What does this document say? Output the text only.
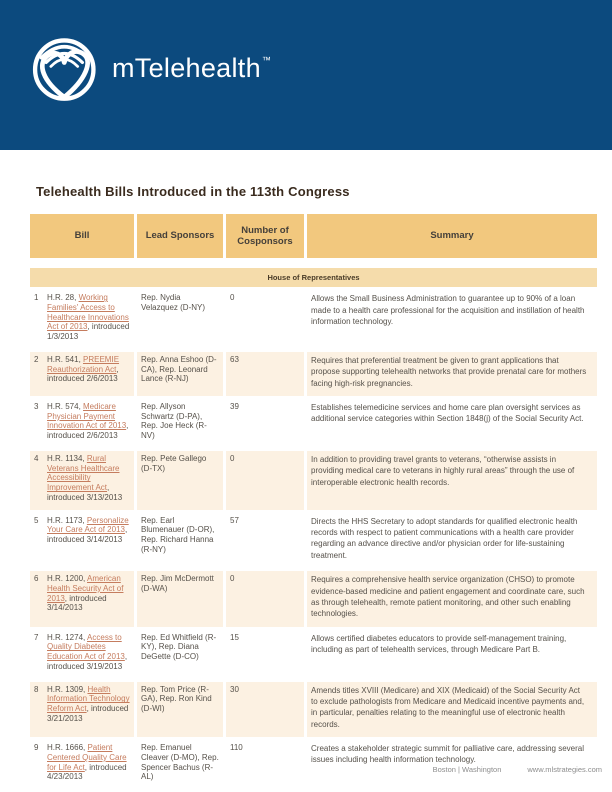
mTelehealth™
Telehealth Bills Introduced in the 113th Congress
Bill	Lead Sponsors	Number of Cosponsors	Summary

House of Representatives			

1 H.R. 28, Working Families' Access to Healthcare Innovations Act of 2013, introduced 1/3/2013	Rep. Nydia Velazquez (D-NY)	0	Allows the Small Business Administration to guarantee up to 90% of a loan made to a health care professional for the acquisition and instillation of health information technology.

2 H.R. 541, PREEMIE Reauthorization Act, introduced 2/6/2013	Rep. Anna Eshoo (D-CA), Rep. Leonard Lance (R-NJ)	63	Requires that preferential treatment be given to grant applications that propose supporting telehealth networks that provide prenatal care for mothers facing high-risk pregnancies.

3 H.R. 574, Medicare Physician Payment Innovation Act of 2013, introduced 2/6/2013	Rep. Allyson Schwartz (D-PA), Rep. Joe Heck (R-NV)	39	Establishes telemedicine services and home care plan oversight services as additional service categories within Section 1848(j) of the Social Security Act.

4 H.R. 1134, Rural Veterans Healthcare Accessibility Improvement Act, introduced 3/13/2013	Rep. Pete Gallego (D-TX)	0	In addition to providing travel grants to veterans, “otherwise assists in providing medical care to veterans in highly rural areas” through the use of interoperable electronic health records.

5 H.R. 1173, Personalize Your Care Act of 2013, introduced 3/14/2013	Rep. Earl Blumenauer (D-OR), Rep. Richard Hanna (R-NY)	57	Directs the HHS Secretary to adopt standards for qualified electronic health records with respect to patient communications with a health care provider regarding an advance directive and/or physician order for life-sustaining treatment.

6 H.R. 1200, American Health Security Act of 2013, introduced 3/14/2013	Rep. Jim McDermott (D-WA)	0	Requires a comprehensive health service organization (CHSO) to promote evidence-based medicine and patient engagement and coordinate care, such as through telehealth, remote patient monitoring, and other such enabling technologies.

7 H.R. 1274, Access to Quality Diabetes Education Act of 2013, introduced 3/19/2013	Rep. Ed Whitfield (R-KY), Rep. Diana DeGette (D-CO)	15	Allows certified diabetes educators to provide self-management training, including as part of telehealth services, through Medicare Part B.

8 H.R. 1309, Health Information Technology Reform Act, introduced 3/21/2013	Rep. Tom Price (R-GA), Rep. Ron Kind (D-WI)	30	Amends titles XVIII (Medicare) and XIX (Medicaid) of the Social Security Act to exclude pathologists from Medicare and Medicaid incentive payments and, in particular, penalties relating to the meaningful use of electronic health records.

9 H.R. 1666, Patient Centered Quality Care for Life Act, introduced 4/23/2013	Rep. Emanuel Cleaver (D-MO), Rep. Spencer Bachus (R-AL)	110	Creates a stakeholder strategic summit for palliative care, addressing several issues including health information technology.
Boston | Washington	www.mlstrategies.com
